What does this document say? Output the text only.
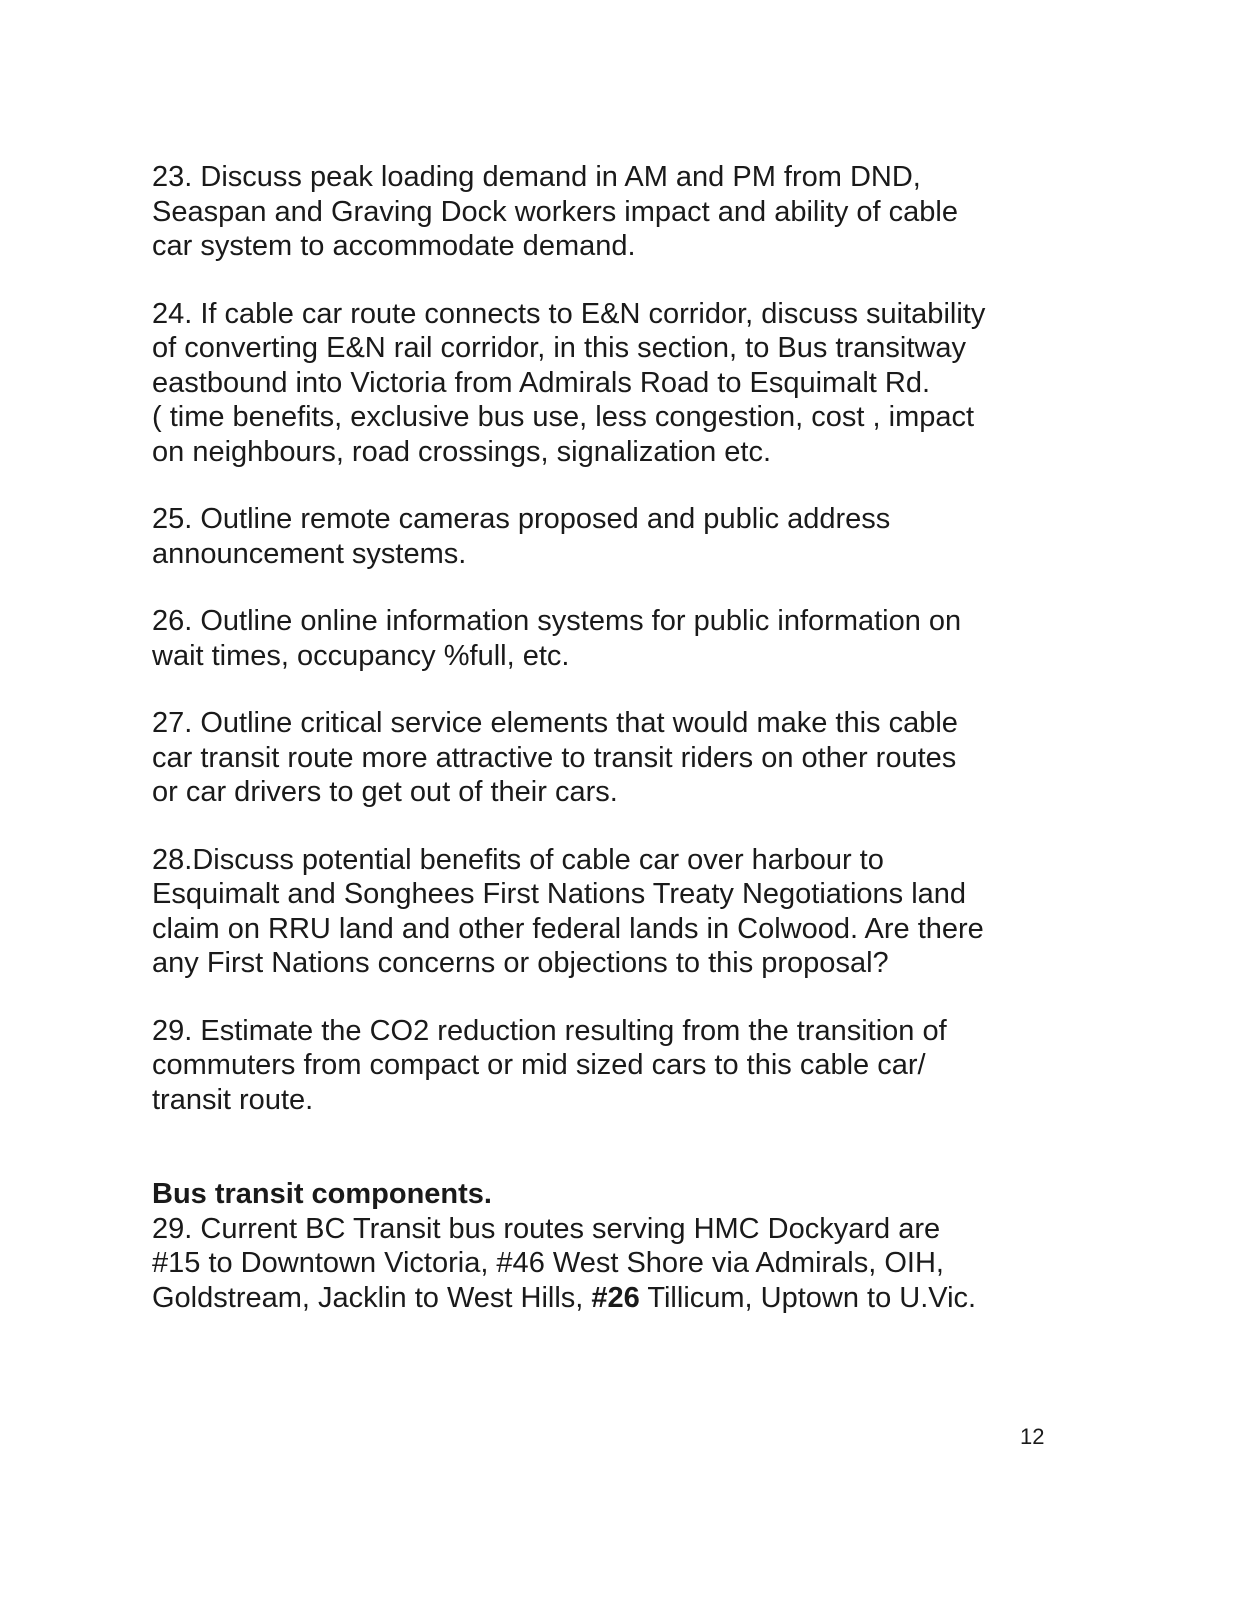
23. Discuss peak loading demand in AM and PM from DND,
Seaspan and Graving Dock workers impact and ability of cable
car system to accommodate demand.

24. If cable car route connects to E&N corridor, discuss suitability
of converting E&N rail corridor, in this section, to Bus transitway
eastbound into Victoria from Admirals Road to Esquimalt Rd.
( time benefits, exclusive bus use, less congestion, cost , impact
on neighbours, road crossings, signalization etc.

25. Outline remote cameras proposed and public address
announcement systems.

26. Outline online information systems for public information on
wait times, occupancy %full, etc.

27. Outline critical service elements that would make this cable
car transit route more attractive to transit riders on other routes
or car drivers to get out of their cars.

28.Discuss potential benefits of cable car over harbour to
Esquimalt and Songhees First Nations Treaty Negotiations land
claim on RRU land and other federal lands in Colwood. Are there
any First Nations concerns or objections to this proposal?

29. Estimate the CO2 reduction resulting from the transition of
commuters from compact or mid sized cars to this cable car/
transit route.

Bus transit components.

29. Current BC Transit bus routes serving HMC Dockyard are
#15 to Downtown Victoria, #46 West Shore via Admirals, OIH,
Goldstream, Jacklin to West Hills, #26 Tillicum, Uptown to U.Vic.

12
